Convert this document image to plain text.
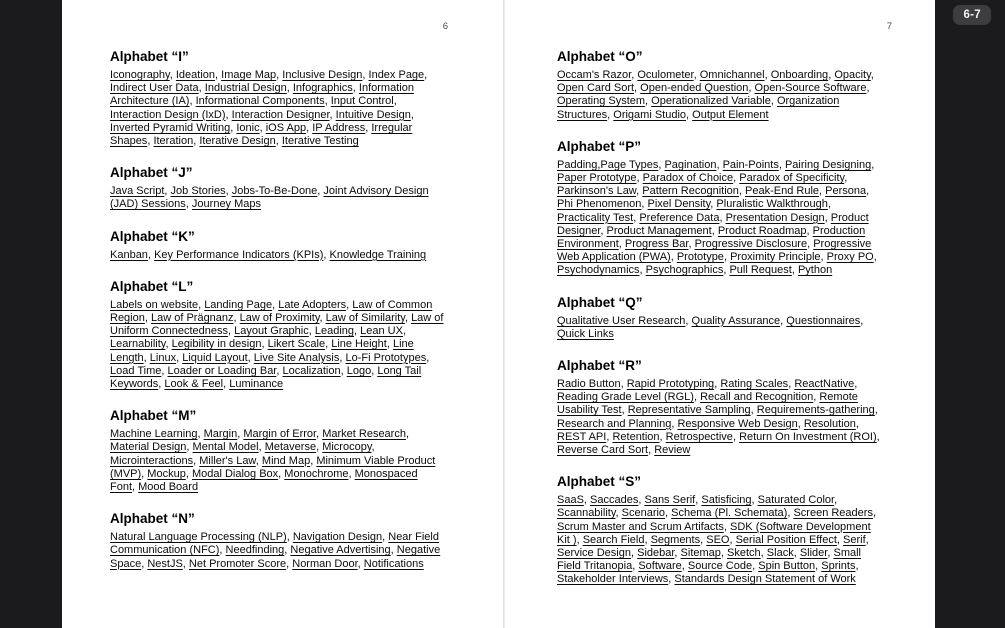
6-7
6
Alphabet “I”

Iconography, Ideation, Image Map, Inclusive Design, Index Page, Indirect User Data, Industrial Design, Infographics, Information Architecture (IA), Informational Components, Input Control, Interaction Design (IxD), Interaction Designer, Intuitive Design, Inverted Pyramid Writing, Ionic, iOS App, IP Address, Irregular Shapes, Iteration, Iterative Design, Iterative Testing

Alphabet “J”

Java Script, Job Stories, Jobs-To-Be-Done, Joint Advisory Design (JAD) Sessions, Journey Maps

Alphabet “K”

Kanban, Key Performance Indicators (KPIs), Knowledge Training

Alphabet “L”

Labels on website, Landing Page, Late Adopters, Law of Common Region, Law of Prägnanz, Law of Proximity, Law of Similarity, Law of Uniform Connectedness, Layout Graphic, Leading, Lean UX, Learnability, Legibility in design, Likert Scale, Line Height, Line Length, Linux, Liquid Layout, Live Site Analysis, Lo-Fi Prototypes, Load Time, Loader or Loading Bar, Localization, Logo, Long Tail Keywords, Look & Feel, Luminance

Alphabet “M”

Machine Learning, Margin, Margin of Error, Market Research, Material Design, Mental Model, Metaverse, Microcopy, Microinteractions, Miller's Law, Mind Map, Minimum Viable Product (MVP), Mockup, Modal Dialog Box, Monochrome, Monospaced Font, Mood Board

Alphabet “N”

Natural Language Processing (NLP), Navigation Design, Near Field Communication (NFC), Needfinding, Negative Advertising, Negative Space, NestJS, Net Promoter Score, Norman Door, Notifications

7
Alphabet “O”

Occam's Razor, Oculometer, Omnichannel, Onboarding, Opacity, Open Card Sort, Open-ended Question, Open-Source Software, Operating System, Operationalized Variable, Organization Structures, Origami Studio, Output Element

Alphabet “P”

Padding,Page Types, Pagination, Pain-Points, Pairing Designing, Paper Prototype, Paradox of Choice, Paradox of Specificity, Parkinson's Law, Pattern Recognition, Peak-End Rule, Persona, Phi Phenomenon, Pixel Density, Pluralistic Walkthrough, Practicality Test, Preference Data, Presentation Design, Product Designer, Product Management, Product Roadmap, Production Environment, Progress Bar, Progressive Disclosure, Progressive Web Application (PWA), Prototype, Proximity Principle, Proxy PO, Psychodynamics, Psychographics, Pull Request, Python

Alphabet “Q”

Qualitative User Research, Quality Assurance, Questionnaires, Quick Links

Alphabet “R”

Radio Button, Rapid Prototyping, Rating Scales, ReactNative, Reading Grade Level (RGL), Recall and Recognition, Remote Usability Test, Representative Sampling, Requirements-gathering, Research and Planning, Responsive Web Design, Resolution, REST API, Retention, Retrospective, Return On Investment (ROI), Reverse Card Sort, Review

Alphabet “S”

SaaS, Saccades, Sans Serif, Satisficing, Saturated Color, Scannability, Scenario, Schema (Pl. Schemata), Screen Readers, Scrum Master and Scrum Artifacts, SDK (Software Development Kit ), Search Field, Segments, SEO, Serial Position Effect, Serif, Service Design, Sidebar, Sitemap, Sketch, Slack, Slider, Small Field Tritanopia, Software, Source Code, Spin Button, Sprints, Stakeholder Interviews, Standards Design Statement of Work
